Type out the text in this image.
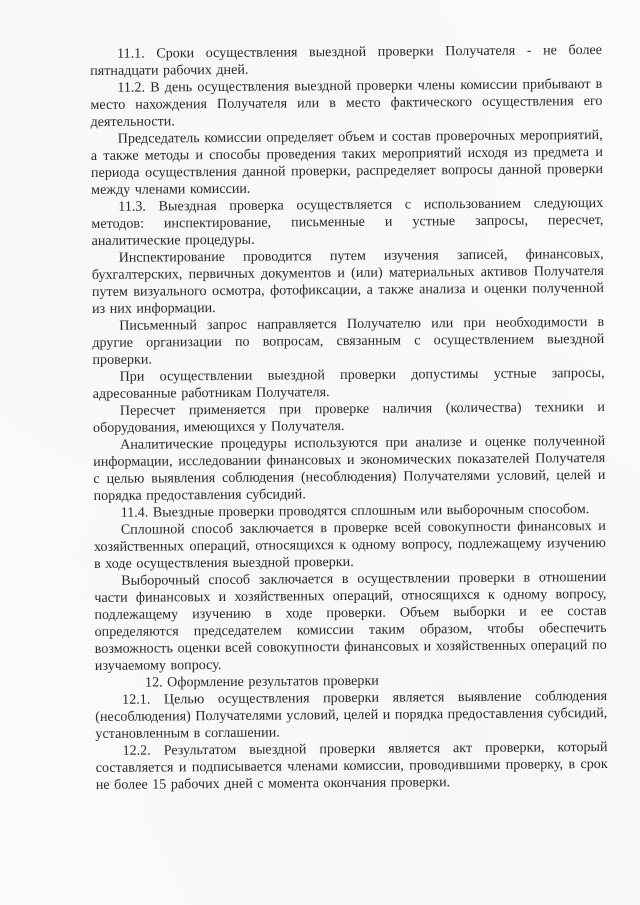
11.1. Сроки осуществления выездной проверки Получателя - не более пятнадцати рабочих дней.

11.2. В день осуществления выездной проверки члены комиссии прибывают в место нахождения Получателя или в место фактического осуществления его деятельности.

Председатель комиссии определяет объем и состав проверочных мероприятий, а также методы и способы проведения таких мероприятий исходя из предмета и периода осуществления данной проверки, распределяет вопросы данной проверки между членами комиссии.

11.3. Выездная проверка осуществляется с использованием следующих методов: инспектирование, письменные и устные запросы, пересчет, аналитические процедуры.

Инспектирование проводится путем изучения записей, финансовых, бухгалтерских, первичных документов и (или) материальных активов Получателя путем визуального осмотра, фотофиксации, а также анализа и оценки полученной из них информации.

Письменный запрос направляется Получателю или при необходимости в другие организации по вопросам, связанным с осуществлением выездной проверки.

При осуществлении выездной проверки допустимы устные запросы, адресованные работникам Получателя.

Пересчет применяется при проверке наличия (количества) техники и оборудования, имеющихся у Получателя.

Аналитические процедуры используются при анализе и оценке полученной информации, исследовании финансовых и экономических показателей Получателя с целью выявления соблюдения (несоблюдения) Получателями условий, целей и порядка предоставления субсидий.

11.4. Выездные проверки проводятся сплошным или выборочным способом.

Сплошной способ заключается в проверке всей совокупности финансовых и хозяйственных операций, относящихся к одному вопросу, подлежащему изучению в ходе осуществления выездной проверки.

Выборочный способ заключается в осуществлении проверки в отношении части финансовых и хозяйственных операций, относящихся к одному вопросу, подлежащему изучению в ходе проверки. Объем выборки и ее состав определяются председателем комиссии таким образом, чтобы обеспечить возможность оценки всей совокупности финансовых и хозяйственных операций по изучаемому вопросу.

12. Оформление результатов проверки

12.1. Целью осуществления проверки является выявление соблюдения (несоблюдения) Получателями условий, целей и порядка предоставления субсидий, установленным в соглашении.

12.2. Результатом выездной проверки является акт проверки, который составляется и подписывается членами комиссии, проводившими проверку, в срок не более 15 рабочих дней с момента окончания проверки.
